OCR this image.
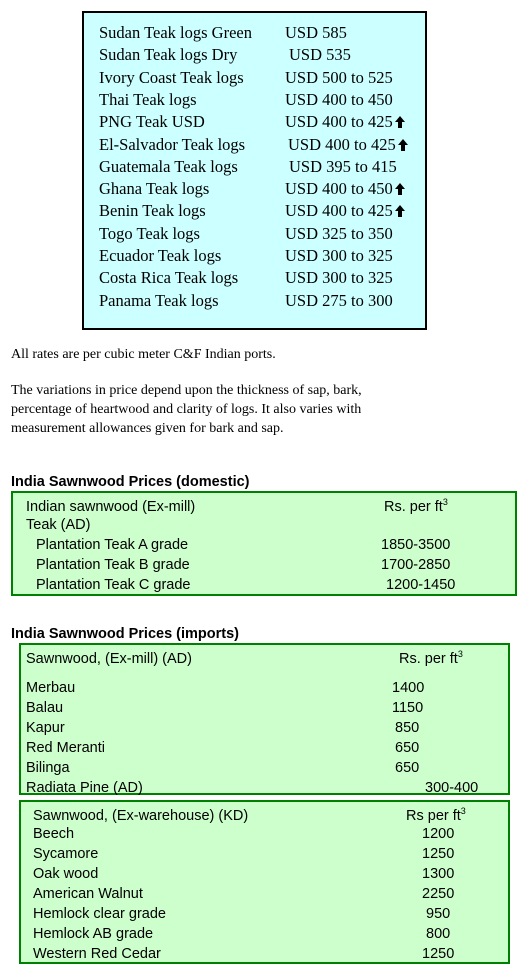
Sudan Teak logs Green USD 585
Sudan Teak logs Dry	USD 535
Ivory Coast Teak logs	USD 500 to 525
Thai Teak logs	USD 400 to 450
PNG Teak USD	USD 400 to 425
El-Salvador Teak logs	USD 400 to 425
Guatemala Teak logs	USD 395 to 415
Ghana Teak logs	USD 400 to 450
Benin Teak logs	USD 400 to 425
Togo Teak logs	USD 325 to 350
Ecuador Teak logs	USD 300 to 325
Costa Rica Teak logs	USD 300 to 325
Panama Teak logs	USD 275 to 300
All rates are per cubic meter C&F Indian ports.
The variations in price depend upon the thickness of sap, bark,
percentage of heartwood and clarity of logs. It also varies with
measurement allowances given for bark and sap.
India Sawnwood Prices (domestic)
Indian sawnwood (Ex-mill)	Rs. per $ft^3$
Teak (AD)
Plantation Teak A grade	1850-3500
Plantation Teak B grade	1700-2850
Plantation Teak C grade	1200-1450
India Sawnwood Prices (imports)
Sawnwood, (Ex-mill) (AD)	Rs. per $ft^3$
Merbau	1400
Balau	1150
Kapur	850
Red Meranti	650
Bilinga	650
Radiata Pine (AD)	300-400
Sawnwood, (Ex-warehouse) (KD)	Rs per $ft^3$
Beech	1200
Sycamore	1250
Oak wood	1300
American Walnut	2250
Hemlock clear grade	950
Hemlock AB grade	800
Western Red Cedar	1250
